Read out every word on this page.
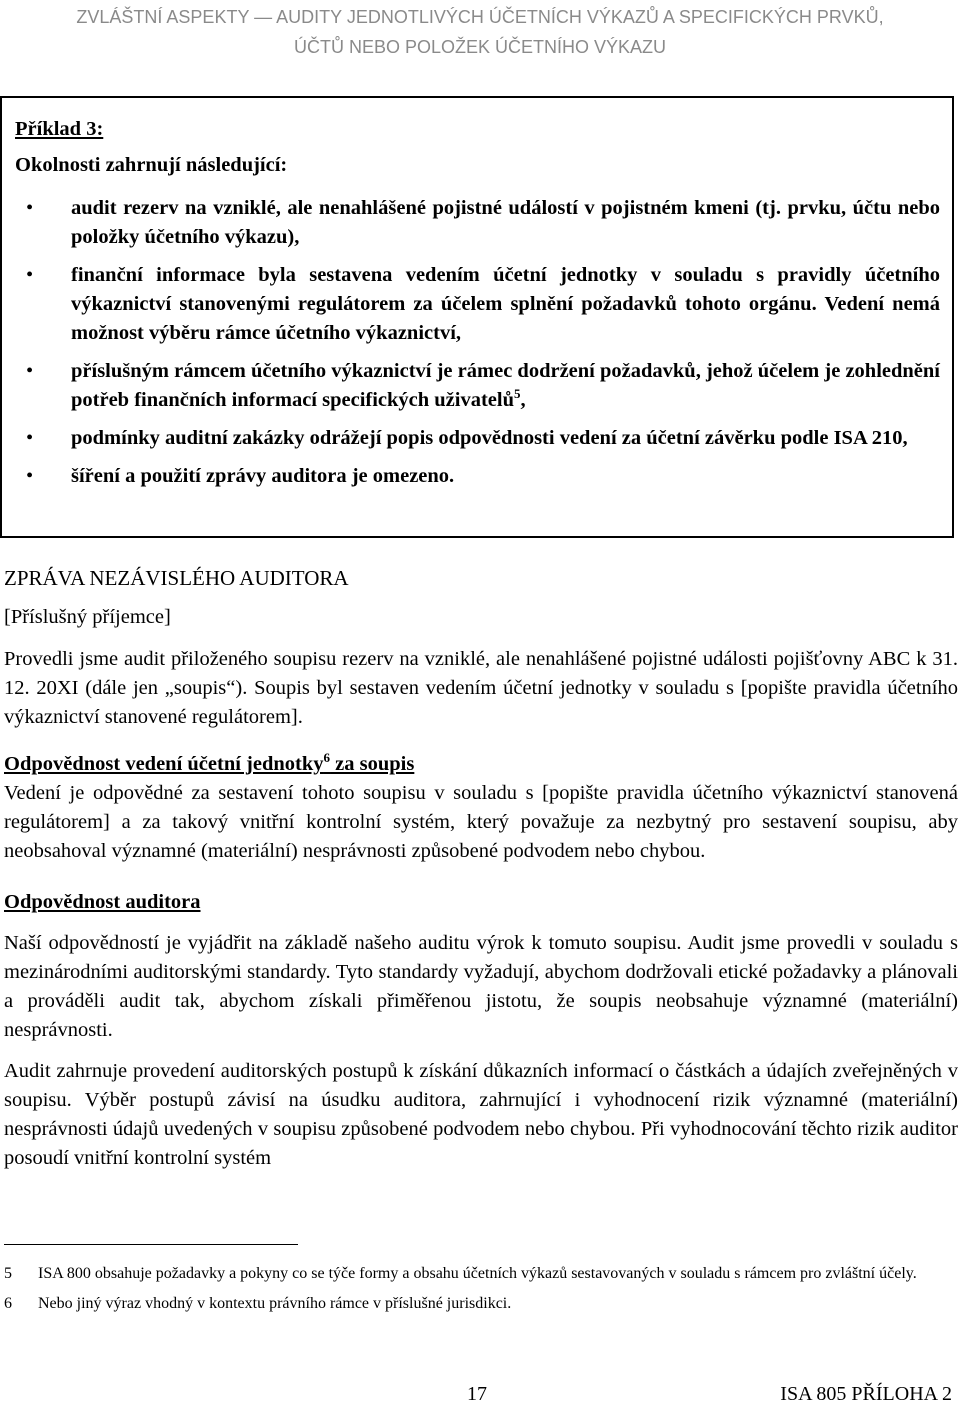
ZVLÁŠTNÍ ASPEKTY — AUDITY JEDNOTLIVÝCH ÚČETNÍCH VÝKAZŮ A SPECIFICKÝCH PRVKŮ,
ÚČTŮ NEBO POLOŽEK ÚČETNÍHO VÝKAZU
Příklad 3:
Okolnosti zahrnují následující:
• audit rezerv na vzniklé, ale nenahlášené pojistné událostí v pojistném kmeni (tj. prvku, účtu nebo položky účetního výkazu),
• finanční informace byla sestavena vedením účetní jednotky v souladu s pravidly účetního výkaznictví stanovenými regulátorem za účelem splnění požadavků tohoto orgánu. Vedení nemá možnost výběru rámce účetního výkaznictví,
• příslušným rámcem účetního výkaznictví je rámec dodržení požadavků, jehož účelem je zohlednění potřeb finančních informací specifických uživatelů$^5$,
• podmínky auditní zakázky odrážejí popis odpovědnosti vedení za účetní závěrku podle ISA 210,
• šíření a použití zprávy auditora je omezeno.

ZPRÁVA NEZÁVISLÉHO AUDITORA

[Příslušný příjemce]

Provedli jsme audit přiloženého soupisu rezerv na vzniklé, ale nenahlášené pojistné události pojišťovny ABC k 31. 12. 20XI (dále jen „soupis“). Soupis byl sestaven vedením účetní jednotky v souladu s [popište pravidla účetního výkaznictví stanovené regulátorem].

Odpovědnost vedení účetní jednotky$^6$ za soupis

Vedení je odpovědné za sestavení tohoto soupisu v souladu s [popište pravidla účetního výkaznictví stanovená regulátorem] a za takový vnitřní kontrolní systém, který považuje za nezbytný pro sestavení soupisu, aby neobsahoval významné (materiální) nesprávnosti způsobené podvodem nebo chybou.

Odpovědnost auditora

Naší odpovědností je vyjádřit na základě našeho auditu výrok k tomuto soupisu. Audit jsme provedli v souladu s mezinárodními auditorskými standardy. Tyto standardy vyžadují, abychom dodržovali etické požadavky a plánovali a prováděli audit tak, abychom získali přiměřenou jistotu, že soupis neobsahuje významné (materiální) nesprávnosti.

Audit zahrnuje provedení auditorských postupů k získání důkazních informací o částkách a údajích zveřejněných v soupisu. Výběr postupů závisí na úsudku auditora, zahrnující i vyhodnocení rizik významné (materiální) nesprávnosti údajů uvedených v soupisu způsobené podvodem nebo chybou. Při vyhodnocování těchto rizik auditor posoudí vnitřní kontrolní systém

5 ISA 800 obsahuje požadavky a pokyny co se týče formy a obsahu účetních výkazů sestavovaných v souladu s rámcem pro zvláštní účely.
6 Nebo jiný výraz vhodný v kontextu právního rámce v příslušné jurisdikci.
17	ISA 805 PŘÍLOHA 2
